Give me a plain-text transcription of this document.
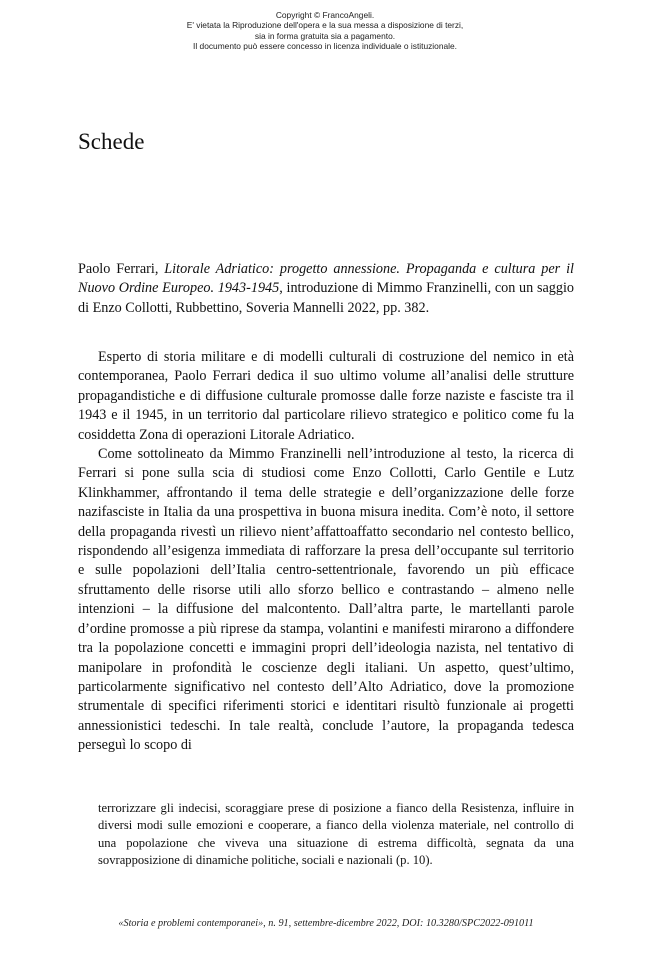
Copyright © FrancoAngeli.
E' vietata la Riproduzione dell'opera e la sua messa a disposizione di terzi,
sia in forma gratuita sia a pagamento.
Il documento può essere concesso in licenza individuale o istituzionale.
Schede

Paolo Ferrari, Litorale Adriatico: progetto annessione. Propaganda e cultura per il Nuovo Ordine Europeo. 1943-1945, introduzione di Mimmo Franzinelli, con un saggio di Enzo Collotti, Rubbettino, Soveria Mannelli 2022, pp. 382.

Esperto di storia militare e di modelli culturali di costruzione del nemico in età contemporanea, Paolo Ferrari dedica il suo ultimo volume all’analisi delle strutture propagandistiche e di diffusione culturale promosse dalle forze naziste e fasciste tra il 1943 e il 1945, in un territorio dal particolare rilievo strategico e politico come fu la cosiddetta Zona di operazioni Litorale Adriatico.

Come sottolineato da Mimmo Franzinelli nell’introduzione al testo, la ricerca di Ferrari si pone sulla scia di studiosi come Enzo Collotti, Carlo Gentile e Lutz Klinkhammer, affrontando il tema delle strategie e dell’organizzazione delle forze nazifasciste in Italia da una prospettiva in buona misura inedita. Com’è noto, il settore della propaganda rivestì un rilievo nient’affattoaffatto secondario nel contesto bellico, rispondendo all’esigenza immediata di rafforzare la presa dell’occupante sul territorio e sulle popolazioni dell’Italia centro-settentrionale, favorendo un più efficace sfruttamento delle risorse utili allo sforzo bellico e contrastando – almeno nelle intenzioni – la diffusione del malcontento. Dall’altra parte, le martellanti parole d’ordine promosse a più riprese da stampa, volantini e manifesti mirarono a diffondere tra la popolazione concetti e immagini propri dell’ideologia nazista, nel tentativo di manipolare in profondità le coscienze degli italiani. Un aspetto, quest’ultimo, particolarmente significativo nel contesto dell’Alto Adriatico, dove la promozione strumentale di specifici riferimenti storici e identitari risultò funzionale ai progetti annessionistici tedeschi. In tale realtà, conclude l’autore, la propaganda tedesca perseguì lo scopo di

terrorizzare gli indecisi, scoraggiare prese di posizione a fianco della Resistenza, influire in diversi modi sulle emozioni e cooperare, a fianco della violenza materiale, nel controllo di una popolazione che viveva una situazione di estrema difficoltà, segnata da una sovrapposizione di dinamiche politiche, sociali e nazionali (p. 10).

«Storia e problemi contemporanei», n. 91, settembre-dicembre 2022, DOI: 10.3280/SPC2022-091011
